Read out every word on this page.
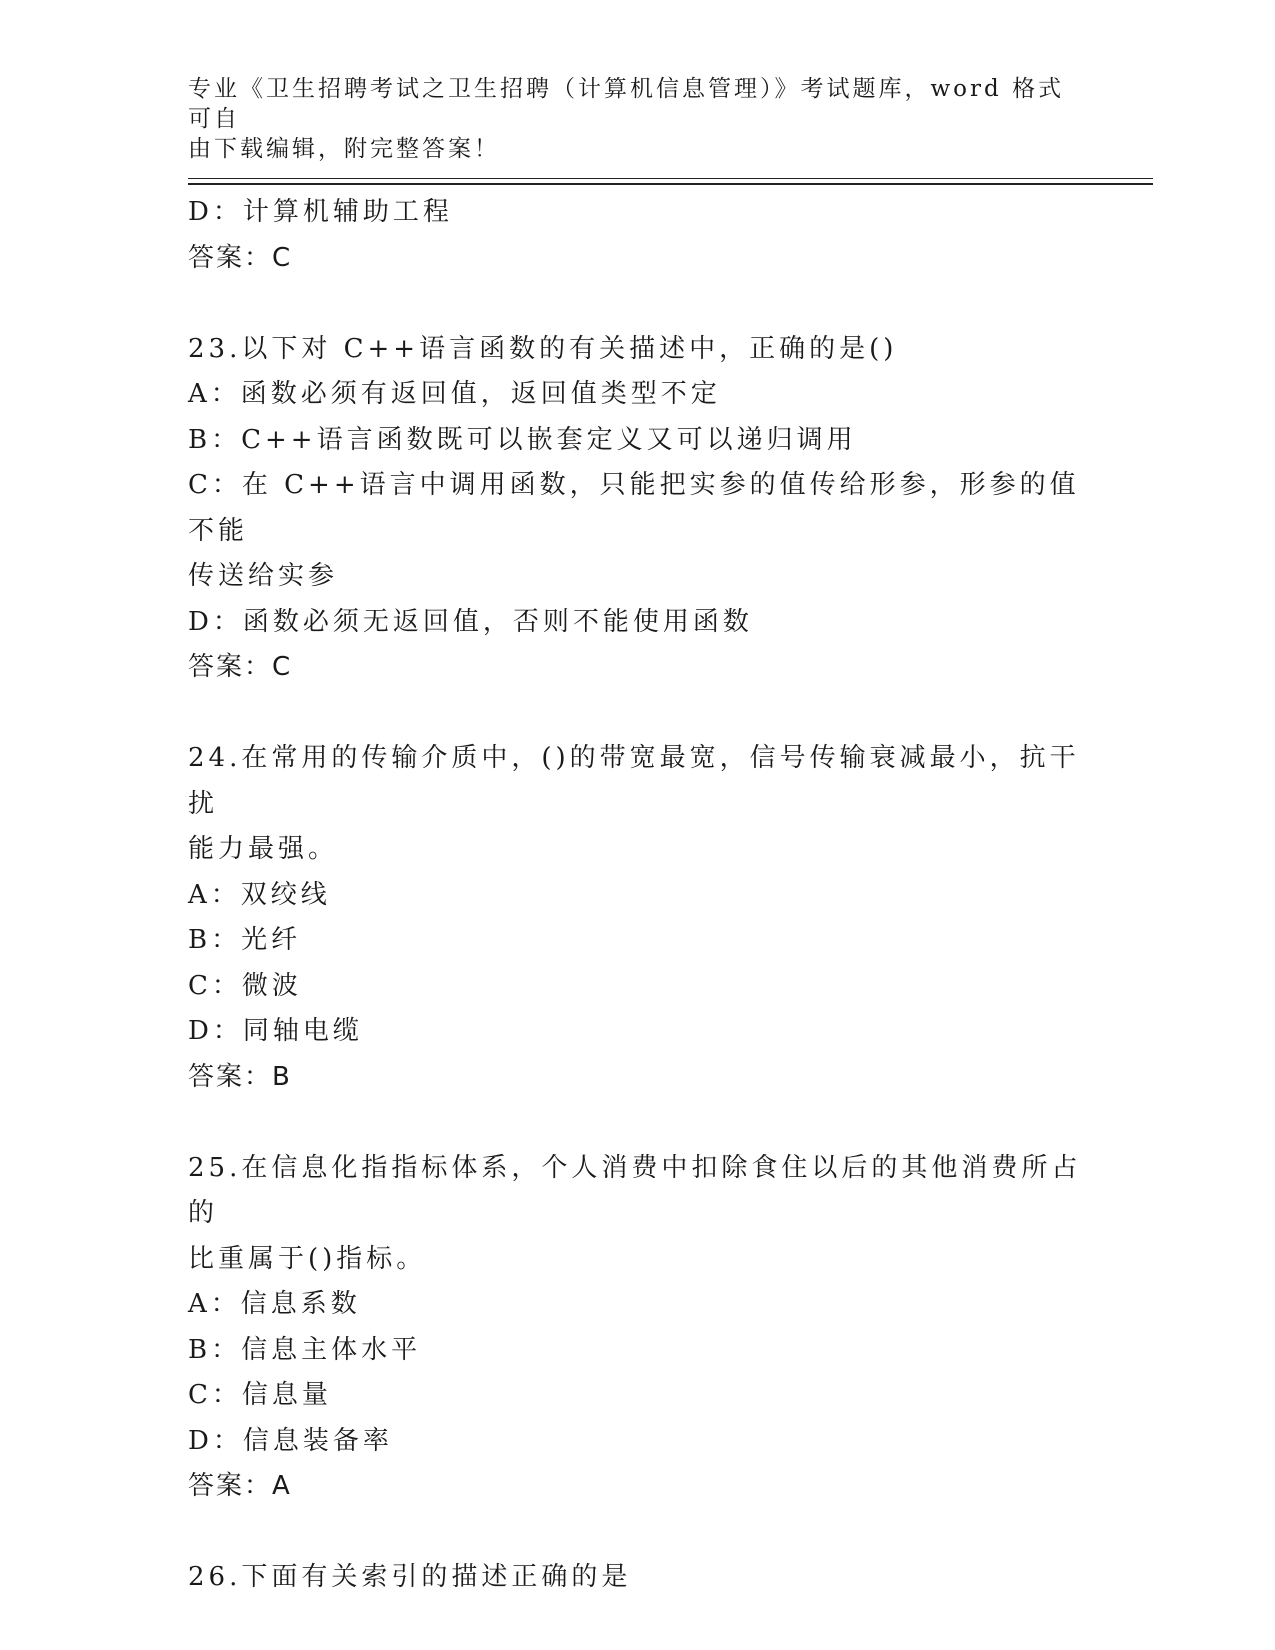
专业《卫生招聘考试之卫生招聘（计算机信息管理）》考试题库，word 格式可自
由下载编辑，附完整答案！
D：计算机辅助工程
答案：C
23.以下对 C++语言函数的有关描述中，正确的是()
A：函数必须有返回值，返回值类型不定
B：C++语言函数既可以嵌套定义又可以递归调用
C：在 C++语言中调用函数，只能把实参的值传给形参，形参的值不能
传送给实参
D：函数必须无返回值，否则不能使用函数
答案：C
24.在常用的传输介质中，()的带宽最宽，信号传输衰减最小，抗干扰
能力最强。
A：双绞线
B：光纤
C：微波
D：同轴电缆
答案：B
25.在信息化指指标体系，个人消费中扣除食住以后的其他消费所占的
比重属于()指标。
A：信息系数
B：信息主体水平
C：信息量
D：信息装备率
答案：A
26.下面有关索引的描述正确的是
